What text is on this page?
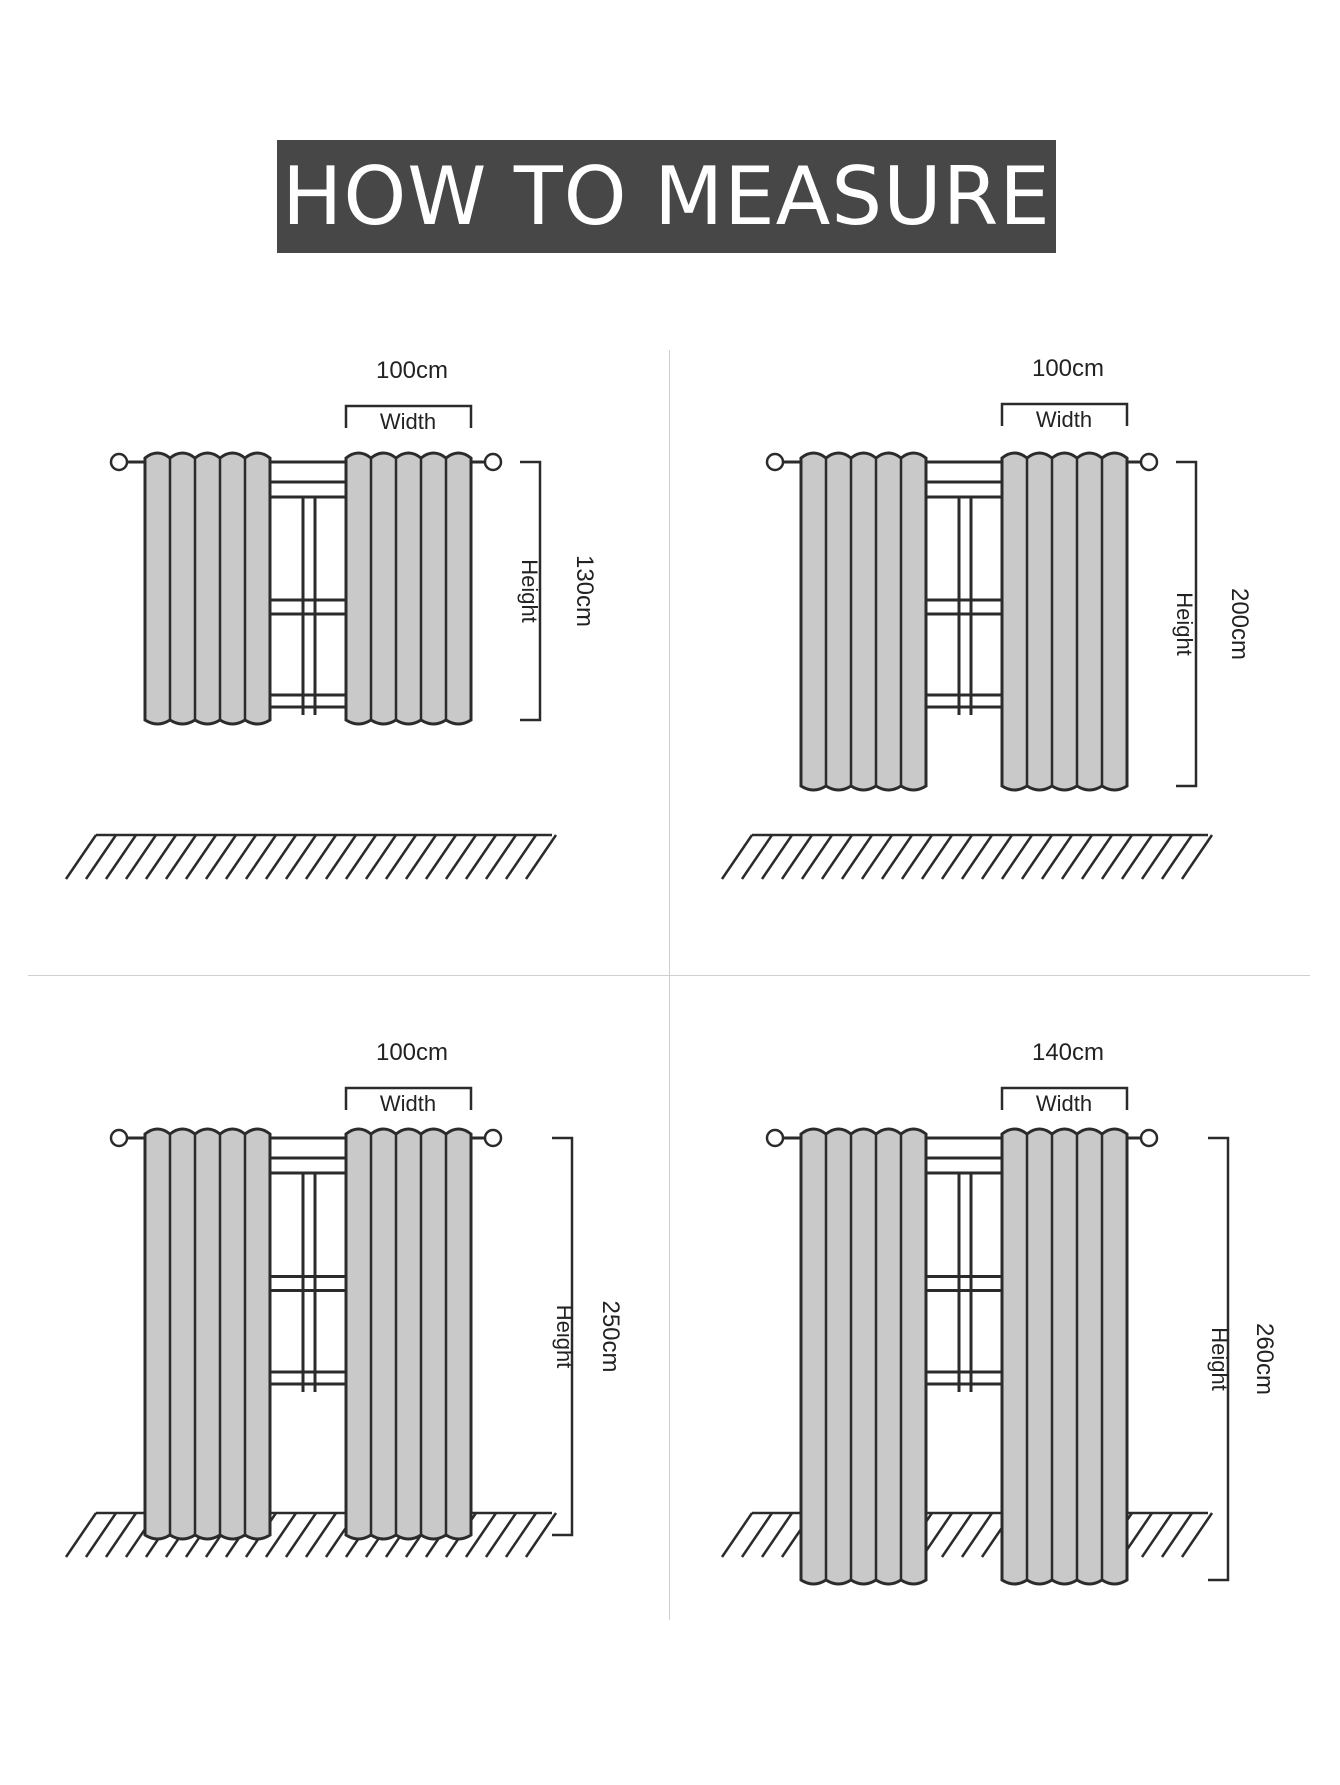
HOW TO MEASURE
100cm
Width
130cm
Height
100cm
Width
200cm
Height
100cm
Width
250cm
Height
140cm
Width
260cm
Height
